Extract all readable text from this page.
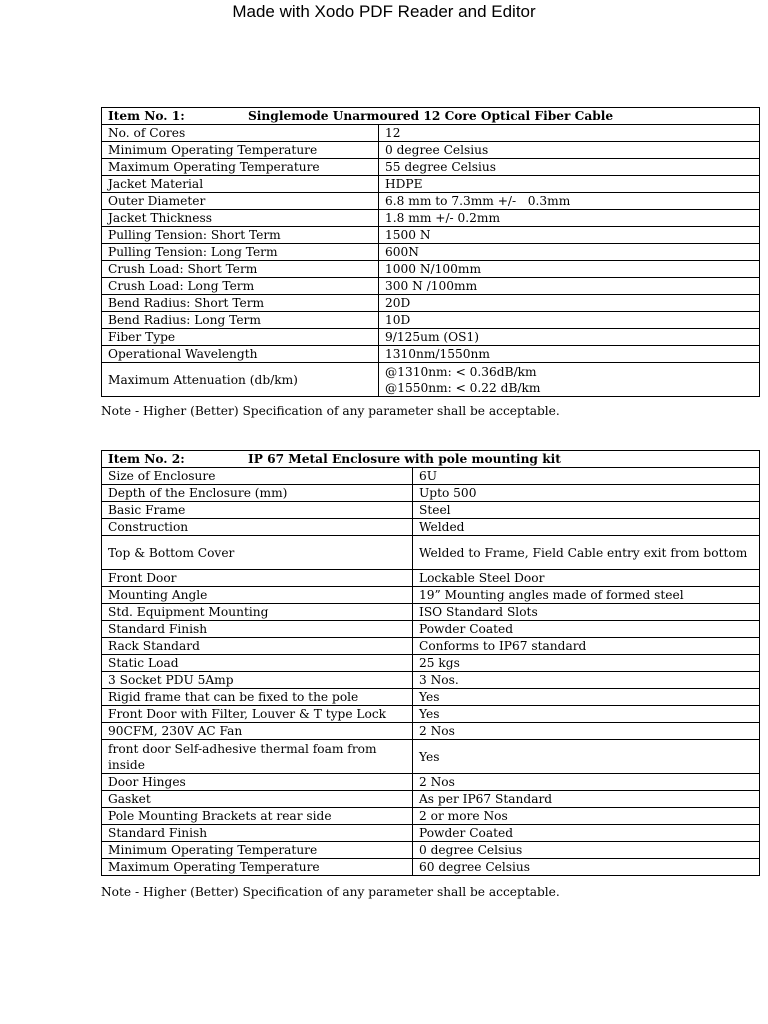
Made with Xodo PDF Reader and Editor
Item No. 1: Singlemode Unarmoured 12 Core Optical Fiber Cable	
No. of Cores	12
Minimum Operating Temperature	0 degree Celsius
Maximum Operating Temperature	55 degree Celsius
Jacket Material	HDPE
Outer Diameter	6.8 mm to 7.3mm +/-   0.3mm
Jacket Thickness	1.8 mm +/- 0.2mm
Pulling Tension: Short Term	1500 N
Pulling Tension: Long Term	600N
Crush Load: Short Term	1000 N/100mm
Crush Load: Long Term	300 N /100mm
Bend Radius: Short Term	20D
Bend Radius: Long Term	10D
Fiber Type	9/125um (OS1)
Operational Wavelength	1310nm/1550nm
Maximum Attenuation (db/km)	@1310nm: < 0.36dB/km
@1550nm: < 0.22 dB/km
Note - Higher (Better) Specification of any parameter shall be acceptable.
Item No. 2: IP 67 Metal Enclosure with pole mounting kit	
Size of Enclosure	6U
Depth of the Enclosure (mm)	Upto 500
Basic Frame	Steel
Construction	Welded
Top & Bottom Cover	Welded to Frame, Field Cable entry exit from bottom
Front Door	Lockable Steel Door
Mounting Angle	19” Mounting angles made of formed steel
Std. Equipment Mounting	ISO Standard Slots
Standard Finish	Powder Coated
Rack Standard	Conforms to IP67 standard
Static Load	25 kgs
3 Socket PDU 5Amp	3 Nos.
Rigid frame that can be fixed to the pole	Yes
Front Door with Filter, Louver & T type Lock	Yes
90CFM, 230V AC Fan	2 Nos
front door Self-adhesive thermal foam from inside	Yes
Door Hinges	2 Nos
Gasket	As per IP67 Standard
Pole Mounting Brackets at rear side	2 or more Nos
Standard Finish	Powder Coated
Minimum Operating Temperature	0 degree Celsius
Maximum Operating Temperature	60 degree Celsius
Note - Higher (Better) Specification of any parameter shall be acceptable.
